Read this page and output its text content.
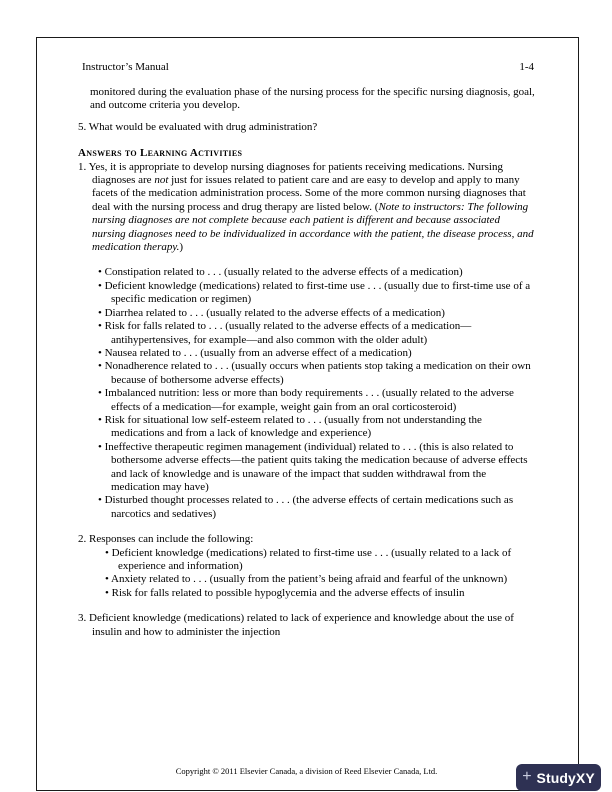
Instructor’s Manual	1-4
monitored during the evaluation phase of the nursing process for the specific nursing diagnosis, goal, and outcome criteria you develop.
5. What would be evaluated with drug administration?
Answers to Learning Activities
1. Yes, it is appropriate to develop nursing diagnoses for patients receiving medications. Nursing diagnoses are not just for issues related to patient care and are easy to develop and apply to many facets of the medication administration process. Some of the more common nursing diagnoses that deal with the nursing process and drug therapy are listed below. (Note to instructors: The following nursing diagnoses are not complete because each patient is different and because associated nursing diagnoses need to be individualized in accordance with the patient, the disease process, and medication therapy.)
• Constipation related to . . . (usually related to the adverse effects of a medication)
• Deficient knowledge (medications) related to first-time use . . . (usually due to first-time use of a specific medication or regimen)
• Diarrhea related to . . . (usually related to the adverse effects of a medication)
• Risk for falls related to . . . (usually related to the adverse effects of a medication—antihypertensives, for example—and also common with the older adult)
• Nausea related to . . . (usually from an adverse effect of a medication)
• Nonadherence related to . . . (usually occurs when patients stop taking a medication on their own because of bothersome adverse effects)
• Imbalanced nutrition: less or more than body requirements . . . (usually related to the adverse effects of a medication—for example, weight gain from an oral corticosteroid)
• Risk for situational low self-esteem related to . . . (usually from not understanding the medications and from a lack of knowledge and experience)
• Ineffective therapeutic regimen management (individual) related to . . . (this is also related to bothersome adverse effects—the patient quits taking the medication because of adverse effects and lack of knowledge and is unaware of the impact that sudden withdrawal from the medication may have)
• Disturbed thought processes related to . . . (the adverse effects of certain medications such as narcotics and sedatives)
2. Responses can include the following:
• Deficient knowledge (medications) related to first-time use . . . (usually related to a lack of experience and information)
• Anxiety related to . . . (usually from the patient’s being afraid and fearful of the unknown)
• Risk for falls related to possible hypoglycemia and the adverse effects of insulin
3. Deficient knowledge (medications) related to lack of experience and knowledge about the use of insulin and how to administer the injection
Copyright © 2011 Elsevier Canada, a division of Reed Elsevier Canada, Ltd.	+ StudyXY
